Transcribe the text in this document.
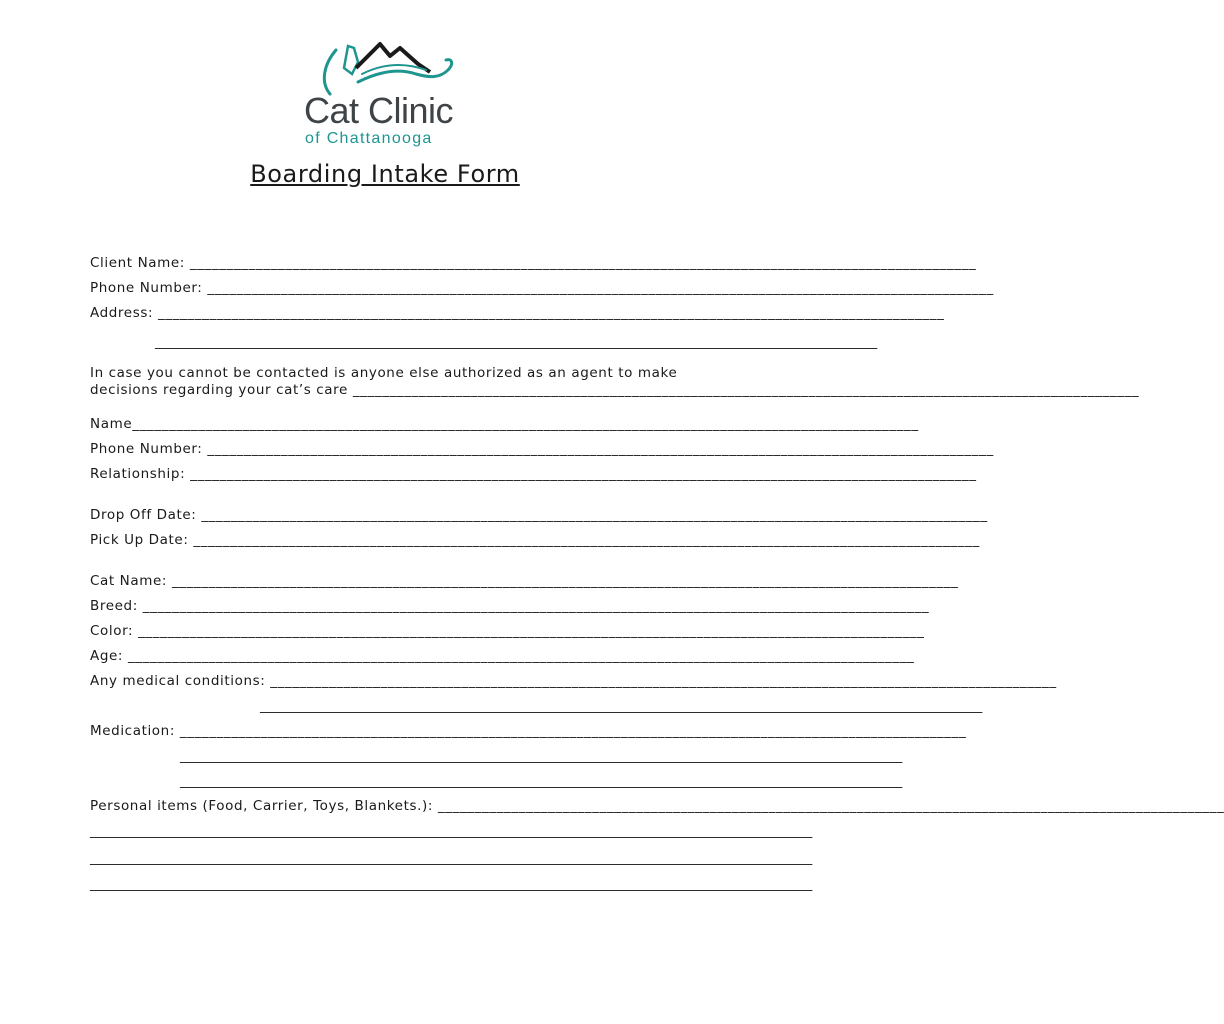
Cat Clinic
of Chattanooga
Boarding Intake Form
Client Name: ___________________________________________________________________________________________________________
Phone Number: ___________________________________________________________________________________________________________
Address: ___________________________________________________________________________________________________________
___________________________________________________________________________________________________________
In case you cannot be contacted is anyone else authorized as an agent to make
decisions regarding your cat’s care ___________________________________________________________________________________________________________
Name___________________________________________________________________________________________________________
Phone Number: ___________________________________________________________________________________________________________
Relationship: ___________________________________________________________________________________________________________
Drop Off Date: ___________________________________________________________________________________________________________
Pick Up Date: ___________________________________________________________________________________________________________
Cat Name: ___________________________________________________________________________________________________________
Breed: ___________________________________________________________________________________________________________
Color: ___________________________________________________________________________________________________________
Age: ___________________________________________________________________________________________________________
Any medical conditions: ___________________________________________________________________________________________________________
___________________________________________________________________________________________________________
Medication: ___________________________________________________________________________________________________________
___________________________________________________________________________________________________________
___________________________________________________________________________________________________________
Personal items (Food, Carrier, Toys, Blankets.): ___________________________________________________________________________________________________________
___________________________________________________________________________________________________________
___________________________________________________________________________________________________________
___________________________________________________________________________________________________________
